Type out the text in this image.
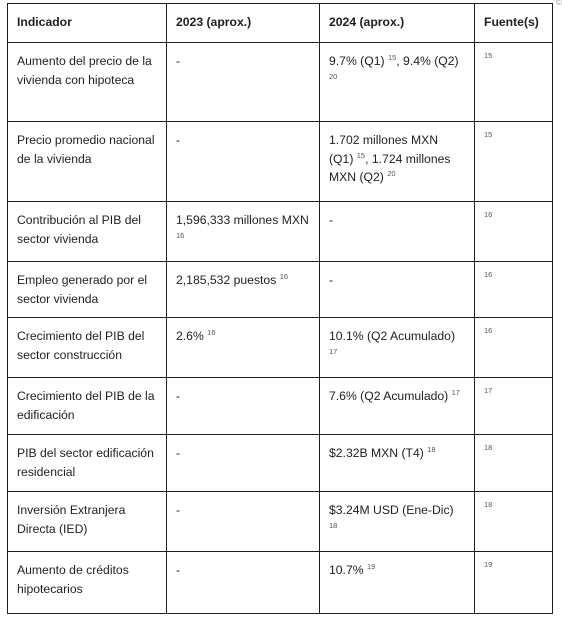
©
Indicador	2023 (aprox.)	2024 (aprox.)	Fuente(s)
Aumento del precio de la vivienda con hipoteca	-	9.7% (Q1) $^{15}$, 9.4% (Q2) $^{20}$	$^{15}$
Precio promedio nacional de la vivienda	-	1.702 millones MXN (Q1) $^{15}$, 1.724 millones MXN (Q2) $^{20}$	$^{15}$
Contribución al PIB del sector vivienda	1,596,333 millones MXN $^{16}$	-	$^{16}$
Empleo generado por el sector vivienda	2,185,532 puestos $^{16}$	-	$^{16}$
Crecimiento del PIB del sector construcción	2.6% $^{16}$	10.1% (Q2 Acumulado) $^{17}$	$^{16}$
Crecimiento del PIB de la edificación	-	7.6% (Q2 Acumulado) $^{17}$	$^{17}$
PIB del sector edificación residencial	-	$2.32B MXN (T4) $^{18}$	$^{18}$
Inversión Extranjera Directa (IED)	-	$3.24M USD (Ene-Dic) $^{18}$	$^{18}$
Aumento de créditos hipotecarios	-	10.7% $^{19}$	$^{19}$
